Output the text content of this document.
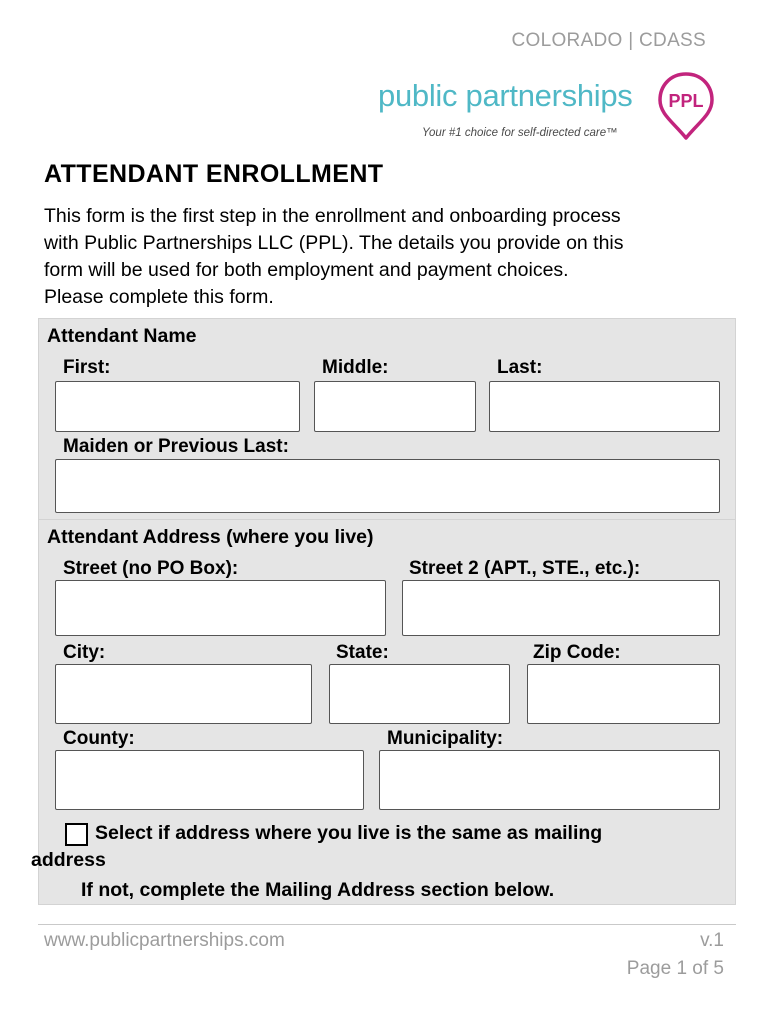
COLORADO | CDASS
public partnerships PPL
Your #1 choice for self-directed care™
ATTENDANT ENROLLMENT
This form is the first step in the enrollment and onboarding process
with Public Partnerships LLC (PPL). The details you provide on this
form will be used for both employment and payment choices.
Please complete this form.
Attendant Name
First:	Middle:	Last:
Maiden or Previous Last:
Attendant Address (where you live)
Street (no PO Box):	Street 2 (APT., STE., etc.):
City:	State:	Zip Code:
County:	Municipality:
Select if address where you live is the same as mailing
address
If not, complete the Mailing Address section below.
www.publicpartnerships.com	v.1
Page 1 of 5
